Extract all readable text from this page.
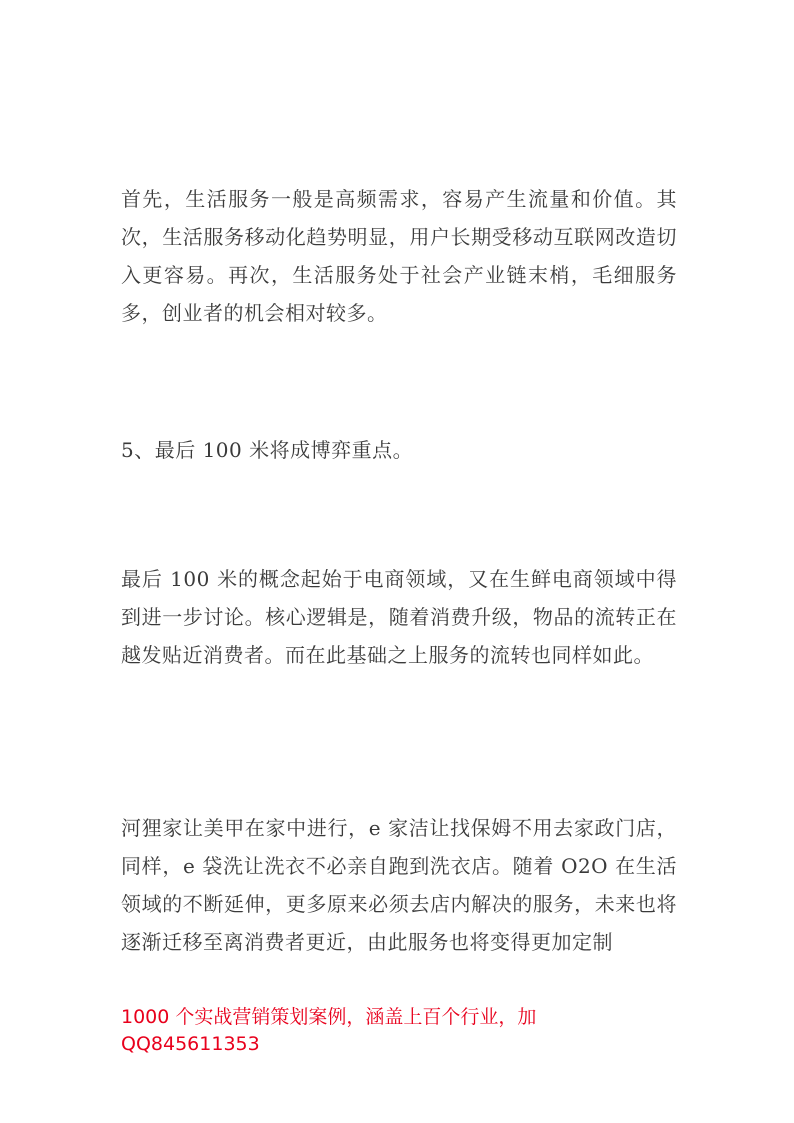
首先，生活服务一般是高频需求，容易产生流量和价值。其次，生活服务移动化趋势明显，用户长期受移动互联网改造切入更容易。再次，生活服务处于社会产业链末梢，毛细服务多，创业者的机会相对较多。

5、最后 100 米将成博弈重点。

最后 100 米的概念起始于电商领域，又在生鲜电商领域中得到进一步讨论。核心逻辑是，随着消费升级，物品的流转正在越发贴近消费者。而在此基础之上服务的流转也同样如此。

河狸家让美甲在家中进行，e 家洁让找保姆不用去家政门店，同样，e 袋洗让洗衣不必亲自跑到洗衣店。随着 O2O 在生活领域的不断延伸，更多原来必须去店内解决的服务，未来也将逐渐迁移至离消费者更近，由此服务也将变得更加定制

1000 个实战营销策划案例，涵盖上百个行业，加
QQ845611353
